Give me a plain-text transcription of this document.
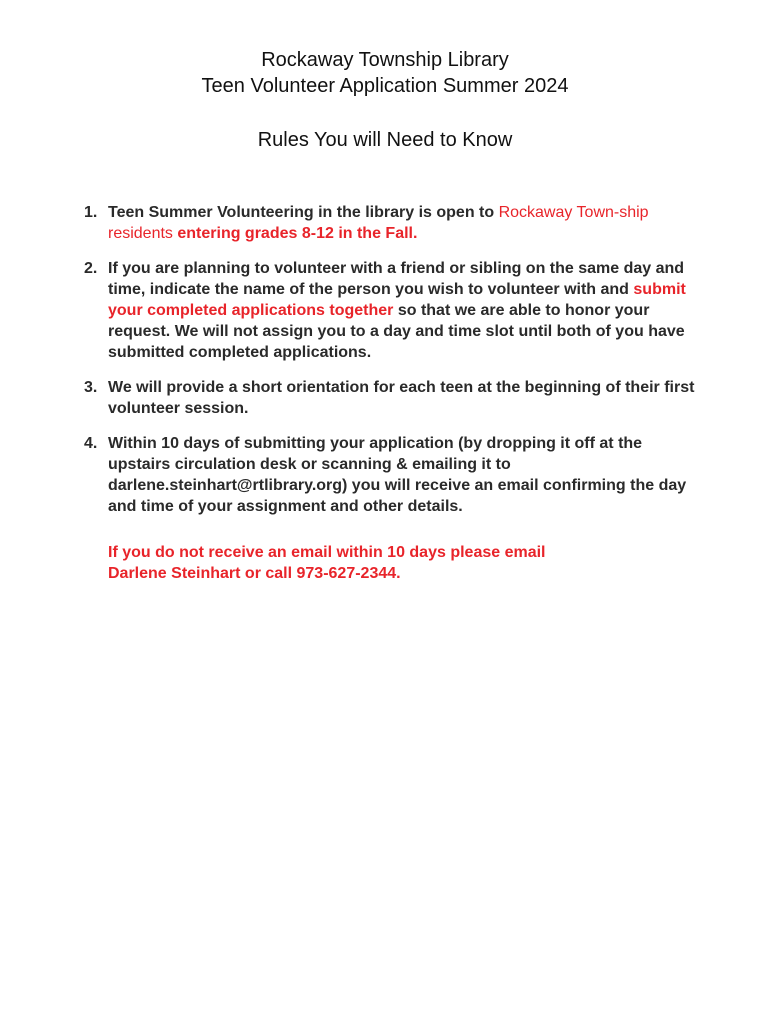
Rockaway Township Library
Teen Volunteer Application Summer 2024
Rules You will Need to Know
1. Teen Summer Volunteering in the library is open to Rockaway Town-ship residents entering grades 8-12 in the Fall.
2. If you are planning to volunteer with a friend or sibling on the same day and time, indicate the name of the person you wish to volunteer with and submit your completed applications together so that we are able to honor your request. We will not assign you to a day and time slot until both of you have submitted completed applications.
3. We will provide a short orientation for each teen at the beginning of their first volunteer session.
4. Within 10 days of submitting your application (by dropping it off at the upstairs circulation desk or scanning & emailing it to darlene.steinhart@rtlibrary.org) you will receive an email confirming the day and time of your assignment and other details.
If you do not receive an email within 10 days please email
Darlene Steinhart or call 973-627-2344.
